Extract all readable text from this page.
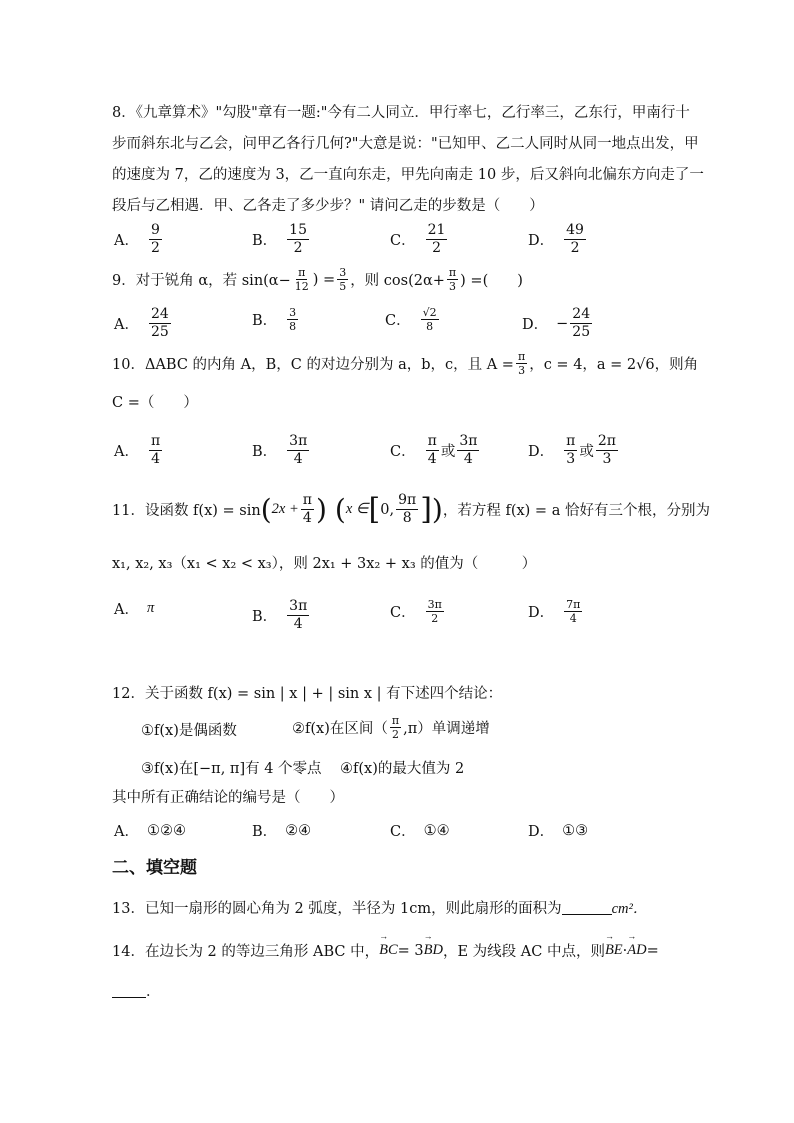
8．《九章算术》"勾股"章有一题:"今有二人同立．甲行率七，乙行率三，乙东行，甲南行十
步而斜东北与乙会，问甲乙各行几何?"大意是说："已知甲、乙二人同时从同一地点出发，甲
的速度为 7，乙的速度为 3，乙一直向东走，甲先向南走 10 步，后又斜向北偏东方向走了一
段后与乙相遇．甲、乙各走了多少步？" 请问乙走的步数是（　　）
A． $\frac{9}{2}$	B． $\frac{15}{2}$	C． $\frac{21}{2}$	D． $\frac{49}{2}$
9．对于锐角 α，若 $\sin(\alpha- \frac{\pi}{12}$ ) = $\frac{3}{5}$ ，则 $\cos(2\alpha+ \frac{\pi}{3}$ ) =(　　)
A． $\frac{24}{25}$	B． $\frac{3}{8}$	C． $\frac{√2}{8}$	D． − $\frac{24}{25}$
10．ΔABC 的内角 A，B，C 的对边分别为 a，b，c，且 $A = \frac{\pi}{3}$ ，c = 4，a = 2√6，则角
C =（　　）
A． $\frac{\pi}{4}$	B． $\frac{3\pi}{4}$	C． $\frac{\pi}{4}$ 或 $\frac{3\pi}{4}$	D． $\frac{\pi}{3}$ 或 $\frac{2\pi}{3}$
11．设函数 f(x) = sin ( $2x + \frac{\pi}{4}$ ) ( x ∈ [ 0, $\frac{9\pi}{8}$ ] ) ，若方程 f(x) = a 恰好有三个根，分别为
x₁, x₂, x₃（x₁ < x₂ < x₃），则 2x₁ + 3x₂ + x₃ 的值为（　　　）
A． π
B． $\frac{3\pi}{4}$	C． $\frac{3\pi}{2}$	D． $\frac{7\pi}{4}$
12．关于函数 f(x) = sin | x | + | sin x | 有下述四个结论：
①f(x)是偶函数	②f(x)在区间（ $\frac{\pi}{2} ,\pi$）单调递增
③f(x)在[−π, π]有 4 个零点 ④f(x)的最大值为 2
其中所有正确结论的编号是（　　）
A． ①②④	B． ②④	C． ①④	D． ①③
二、填空题
13．已知一扇形的圆心角为 2 弧度，半径为 1cm，则此扇形的面积为	cm²．
14．在边长为 2 的等边三角形 ABC 中， → BC = 3 → BD ，E 为线段 AC 中点，则 → BE · → AD =
．
